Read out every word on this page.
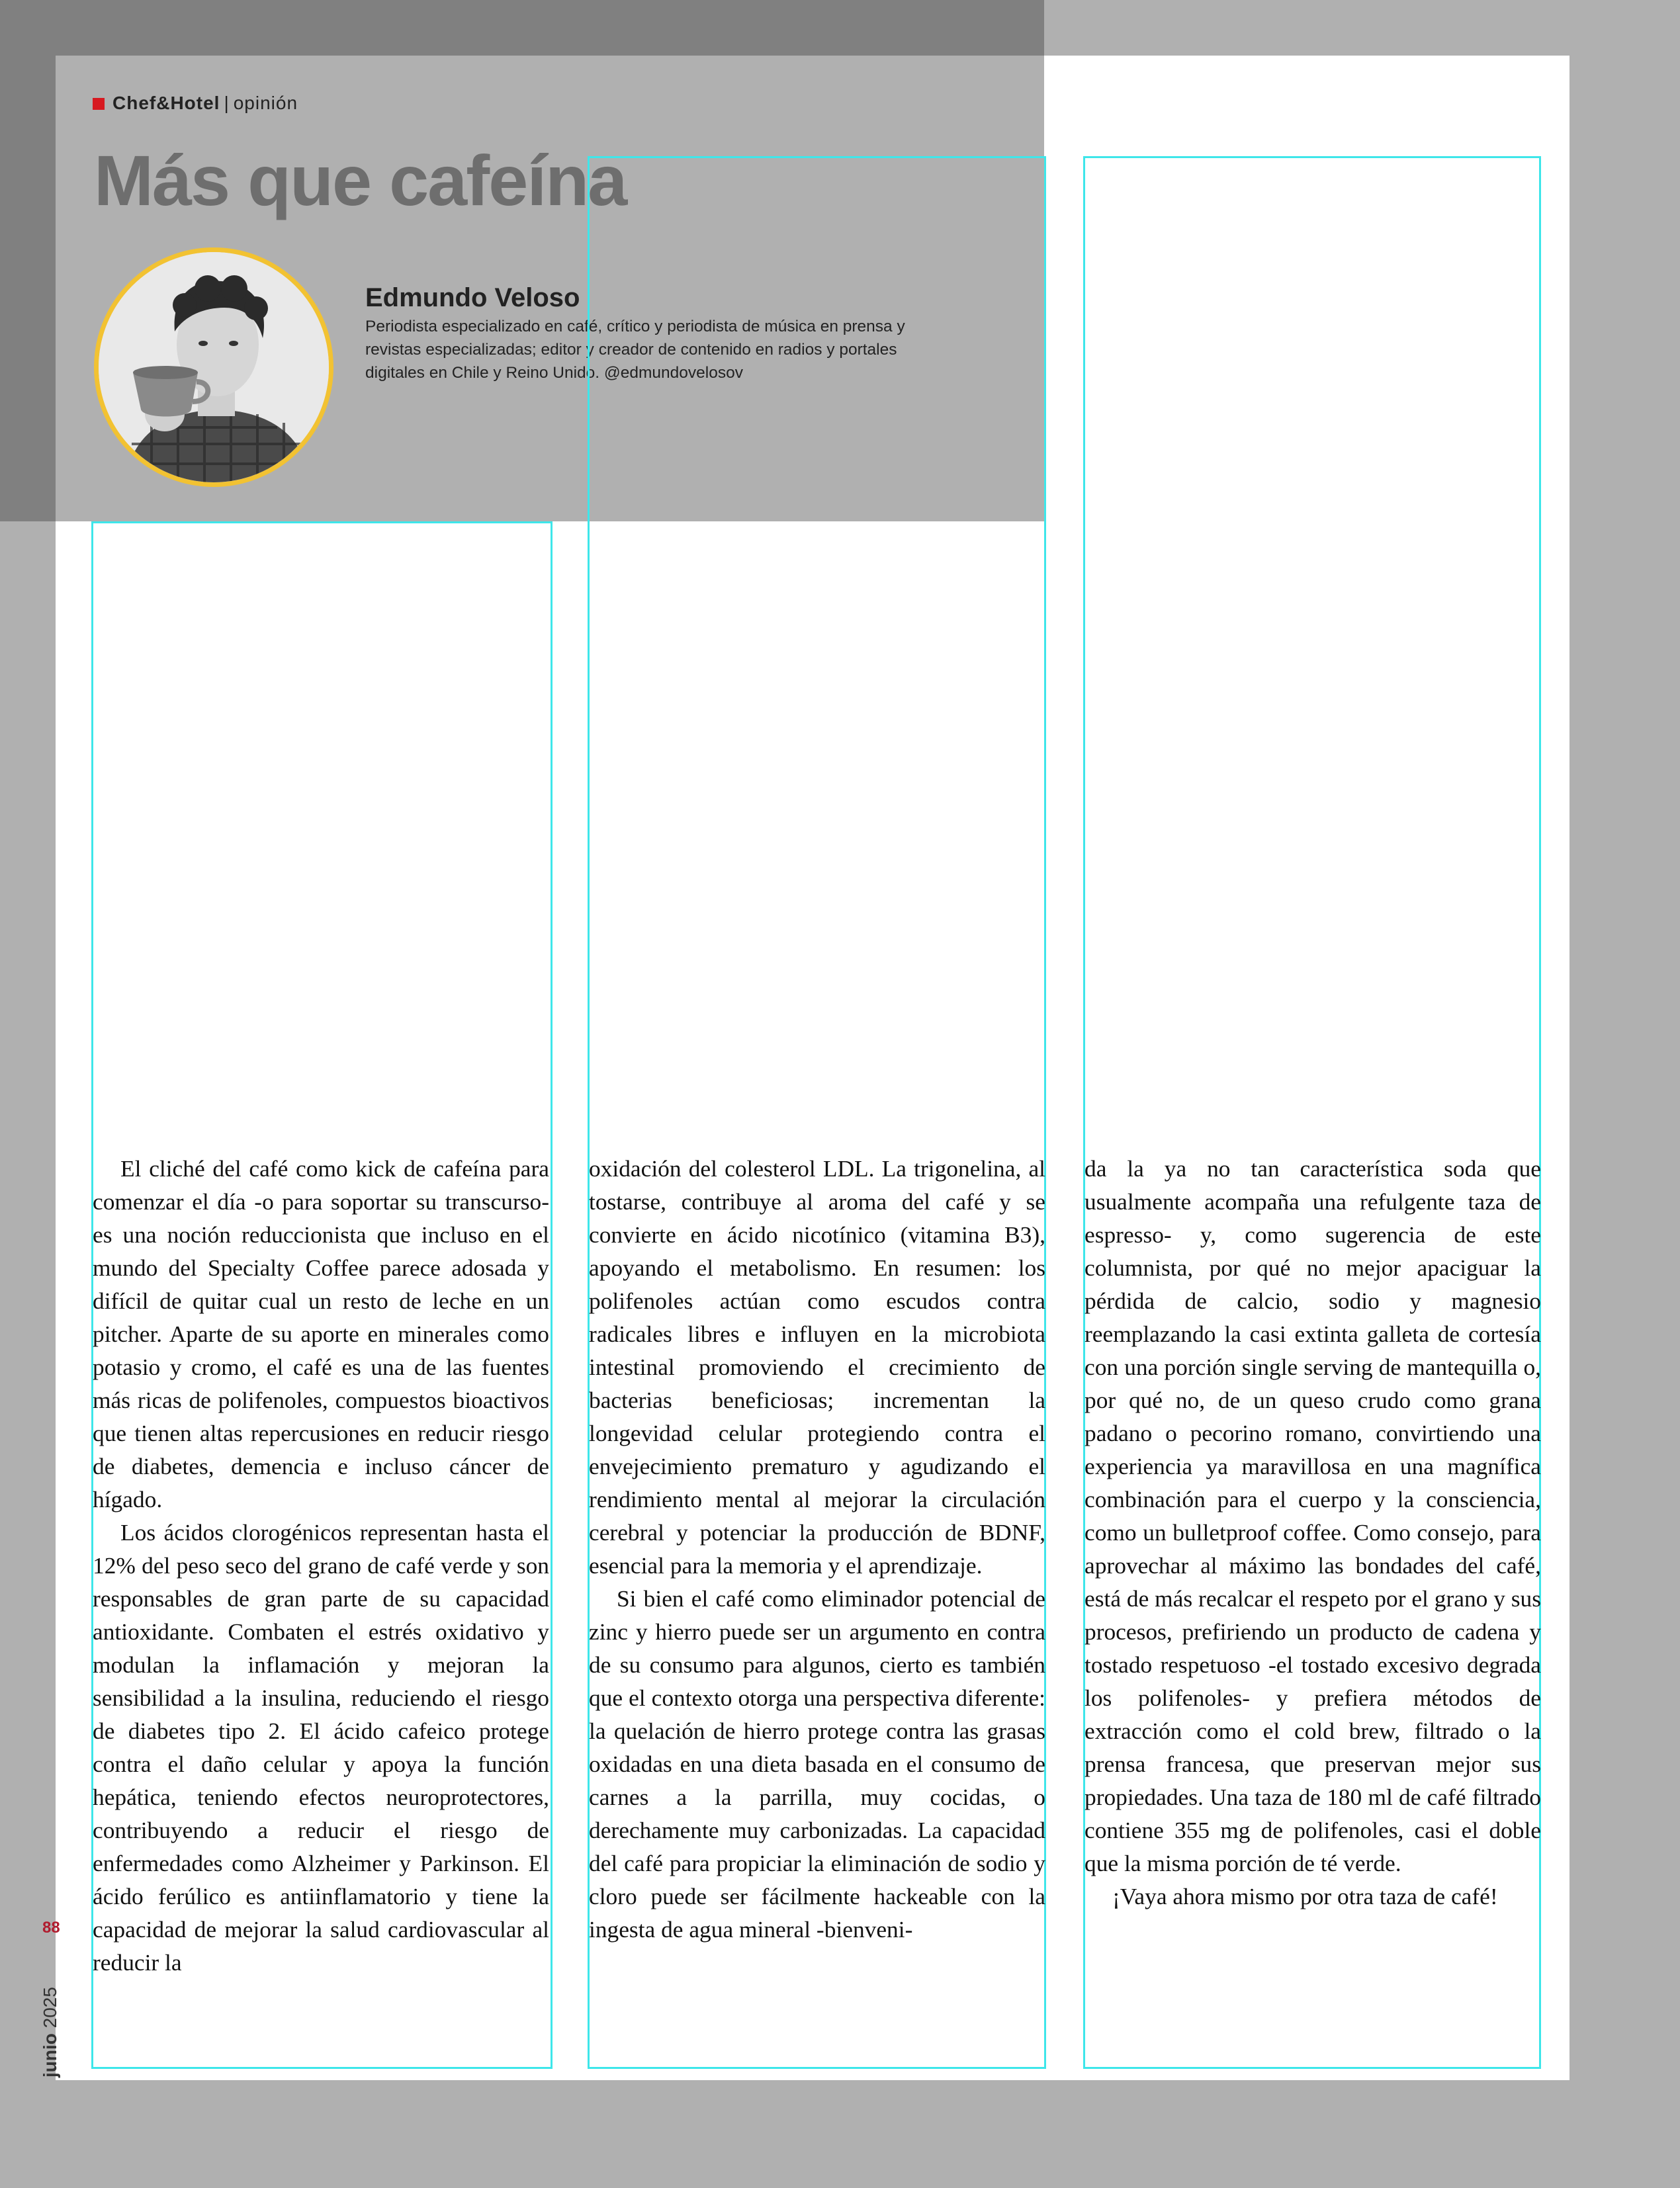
Chef&Hotel | opinión
Más que cafeína
Edmundo Veloso
Periodista especializado en café, crítico y periodista de música en prensa y revistas especializadas; editor y creador de contenido en radios y portales digitales en Chile y Reino Unido. @edmundovelosov

El cliché del café como kick de cafeína para comenzar el día -o para soportar su transcurso- es una noción reduccionista que incluso en el mundo del Specialty Coffee parece adosada y difícil de quitar cual un resto de leche en un pitcher. Aparte de su aporte en minerales como potasio y cromo, el café es una de las fuentes más ricas de polifenoles, compuestos bioactivos que tienen altas repercusiones en reducir riesgo de diabetes, demencia e incluso cáncer de hígado.

Los ácidos clorogénicos representan hasta el 12% del peso seco del grano de café verde y son responsables de gran parte de su capacidad antioxidante. Combaten el estrés oxidativo y modulan la inflamación y mejoran la sensibilidad a la insulina, reduciendo el riesgo de diabetes tipo 2. El ácido cafeico protege contra el daño celular y apoya la función hepática, teniendo efectos neuroprotectores, contribuyendo a reducir el riesgo de enfermedades como Alzheimer y Parkinson. El ácido ferúlico es antiinflamatorio y tiene la capacidad de mejorar la salud cardiovascular al reducir la

oxidación del colesterol LDL. La trigonelina, al tostarse, contribuye al aroma del café y se convierte en ácido nicotínico (vitamina B3), apoyando el metabolismo. En resumen: los polifenoles actúan como escudos contra radicales libres e influyen en la microbiota intestinal promoviendo el crecimiento de bacterias beneficiosas; incrementan la longevidad celular protegiendo contra el envejecimiento prematuro y agudizando el rendimiento mental al mejorar la circulación cerebral y potenciar la producción de BDNF, esencial para la memoria y el aprendizaje.

Si bien el café como eliminador potencial de zinc y hierro puede ser un argumento en contra de su consumo para algunos, cierto es también que el contexto otorga una perspectiva diferente: la quelación de hierro protege contra las grasas oxidadas en una dieta basada en el consumo de carnes a la parrilla, muy cocidas, o derechamente muy carbonizadas. La capacidad del café para propiciar la eliminación de sodio y cloro puede ser fácilmente hackeable con la ingesta de agua mineral -bienveni-

da la ya no tan característica soda que usualmente acompaña una refulgente taza de espresso- y, como sugerencia de este columnista, por qué no mejor apaciguar la pérdida de calcio, sodio y magnesio reemplazando la casi extinta galleta de cortesía con una porción single serving de mantequilla o, por qué no, de un queso crudo como grana padano o pecorino romano, convirtiendo una experiencia ya maravillosa en una magnífica combinación para el cuerpo y la consciencia, como un bulletproof coffee. Como consejo, para aprovechar al máximo las bondades del café, está de más recalcar el respeto por el grano y sus procesos, prefiriendo un producto de cadena y tostado respetuoso -el tostado excesivo degrada los polifenoles- y prefiera métodos de extracción como el cold brew, filtrado o la prensa francesa, que preservan mejor sus propiedades. Una taza de 180 ml de café filtrado contiene 355 mg de polifenoles, casi el doble que la misma porción de té verde.

¡Vaya ahora mismo por otra taza de café!

88
junio 2025
